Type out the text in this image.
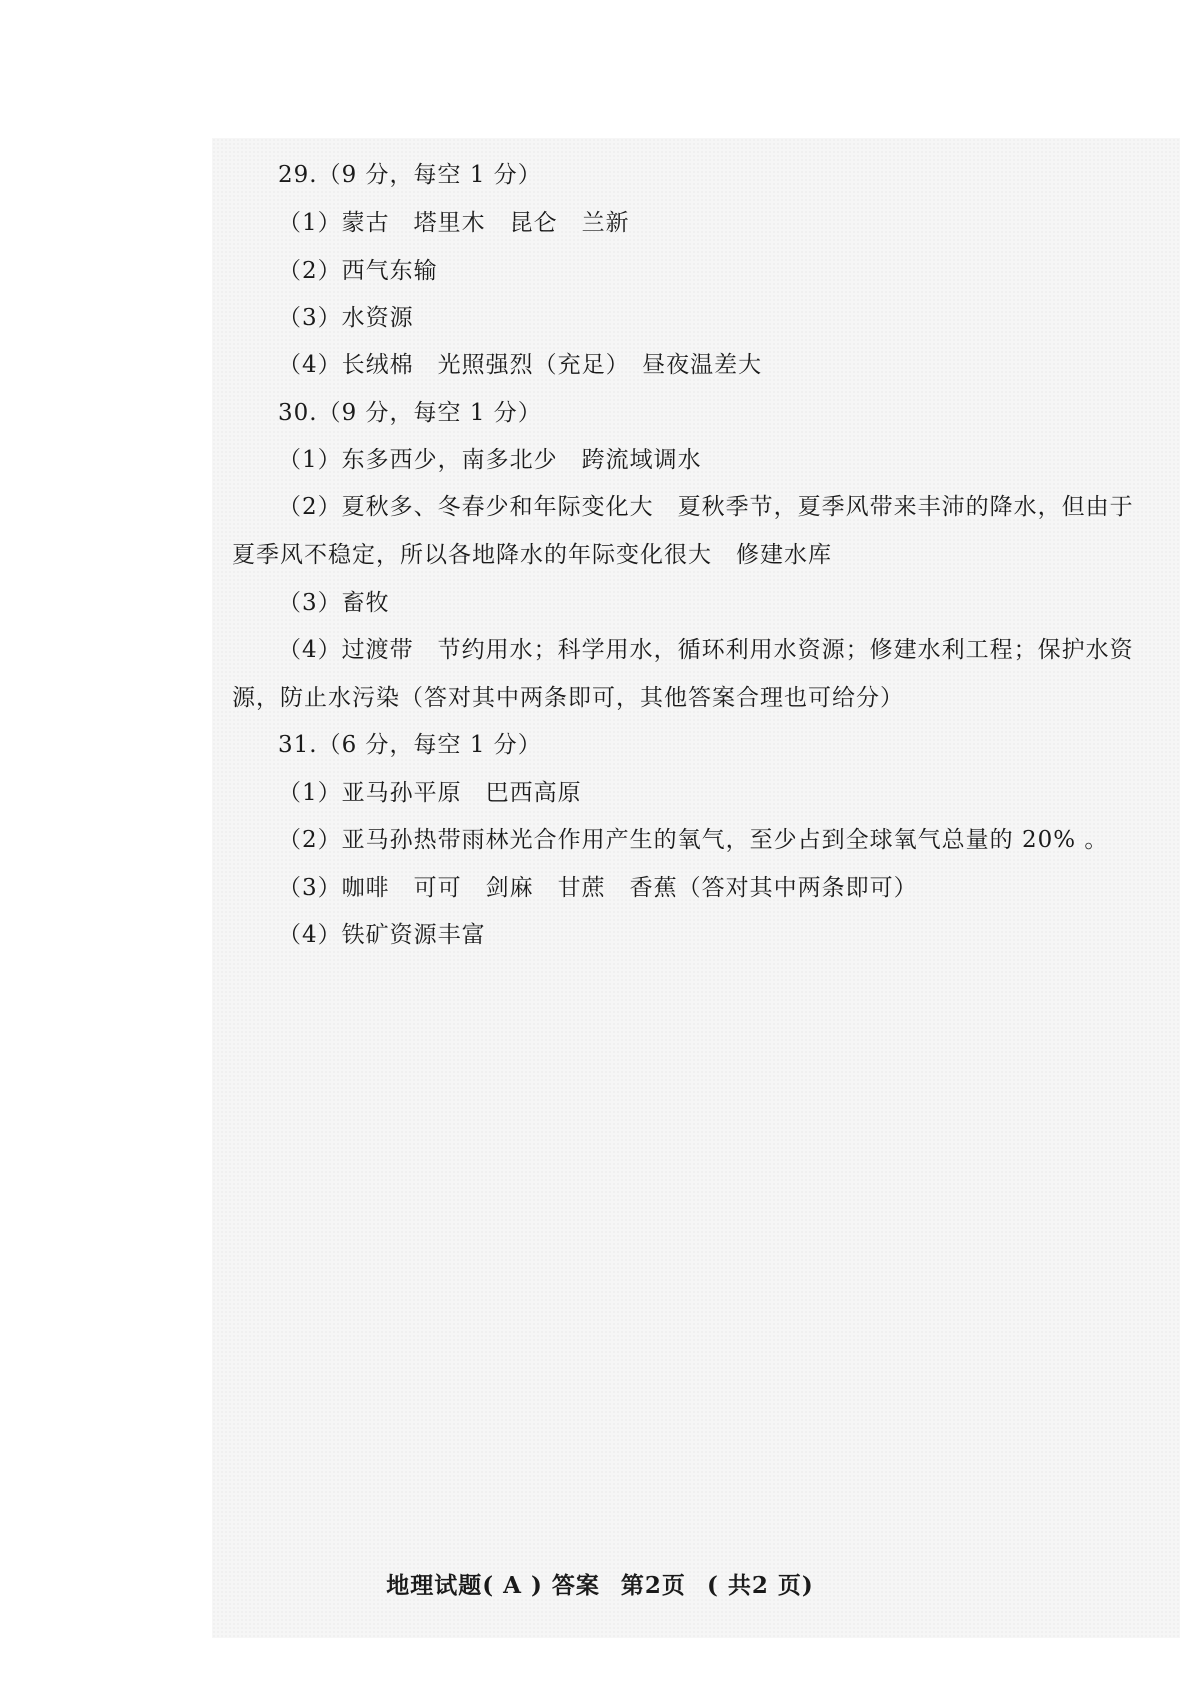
29.（9 分，每空 1 分）
（1）蒙古　塔里木　昆仑　兰新
（2）西气东输
（3）水资源
（4）长绒棉　光照强烈（充足）　昼夜温差大
30.（9 分，每空 1 分）
（1）东多西少，南多北少　跨流域调水
（2）夏秋多、冬春少和年际变化大　夏秋季节，夏季风带来丰沛的降水，但由于
夏季风不稳定，所以各地降水的年际变化很大　修建水库
（3）畜牧
（4）过渡带　节约用水；科学用水，循环利用水资源；修建水利工程；保护水资
源，防止水污染（答对其中两条即可，其他答案合理也可给分）
31.（6 分，每空 1 分）
（1）亚马孙平原　巴西高原
（2）亚马孙热带雨林光合作用产生的氧气，至少占到全球氧气总量的 20% 。
（3）咖啡　可可　剑麻　甘蔗　香蕉（答对其中两条即可）
（4）铁矿资源丰富
地理试题( A ) 答案 第2页 ( 共2 页)
